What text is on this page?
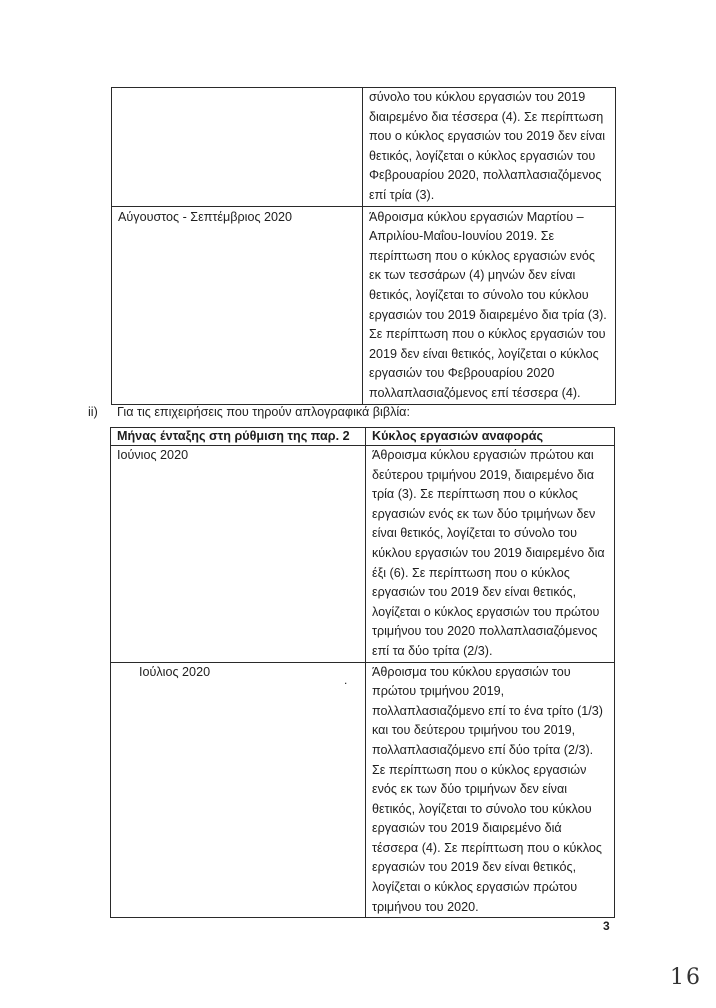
	σύνολο του κύκλου εργασιών του 2019 διαιρεμένο δια τέσσερα (4). Σε περίπτωση που ο κύκλος εργασιών του 2019 δεν είναι θετικός, λογίζεται ο κύκλος εργασιών του Φεβρουαρίου 2020, πολλαπλασιαζόμενος επί τρία (3).
Αύγουστος - Σεπτέμβριος 2020	Άθροισμα κύκλου εργασιών Μαρτίου – Απριλίου-Μαΐου-Ιουνίου 2019. Σε περίπτωση που ο κύκλος εργασιών ενός εκ των τεσσάρων (4) μηνών δεν είναι θετικός, λογίζεται το σύνολο του κύκλου εργασιών του 2019 διαιρεμένο δια τρία (3). Σε περίπτωση που ο κύκλος εργασιών του 2019 δεν είναι θετικός, λογίζεται ο κύκλος εργασιών του Φεβρουαρίου 2020 πολλαπλασιαζόμενος επί τέσσερα (4).
ii) Για τις επιχειρήσεις που τηρούν απλογραφικά βιβλία:
Μήνας ένταξης στη ρύθμιση της παρ. 2	Κύκλος εργασιών αναφοράς
Ιούνιος 2020	Άθροισμα κύκλου εργασιών πρώτου και δεύτερου τριμήνου 2019, διαιρεμένο δια τρία (3). Σε περίπτωση που ο κύκλος εργασιών ενός εκ των δύο τριμήνων δεν είναι θετικός, λογίζεται το σύνολο του κύκλου εργασιών του 2019 διαιρεμένο δια έξι (6). Σε περίπτωση που ο κύκλος εργασιών του 2019 δεν είναι θετικός, λογίζεται ο κύκλος εργασιών του πρώτου τριμήνου του 2020 πολλαπλασιαζόμενος επί τα δύο τρίτα (2/3).
Ιούλιος 2020	Άθροισμα του κύκλου εργασιών του πρώτου τριμήνου 2019, πολλαπλασιαζόμενο επί το ένα τρίτο (1/3) και του δεύτερου τριμήνου του 2019, πολλαπλασιαζόμενο επί δύο τρίτα (2/3). Σε περίπτωση που ο κύκλος εργασιών ενός εκ των δύο τριμήνων δεν είναι θετικός, λογίζεται το σύνολο του κύκλου εργασιών του 2019 διαιρεμένο διά τέσσερα (4). Σε περίπτωση που ο κύκλος εργασιών του 2019 δεν είναι θετικός, λογίζεται ο κύκλος εργασιών πρώτου τριμήνου του 2020.
.
3
16
